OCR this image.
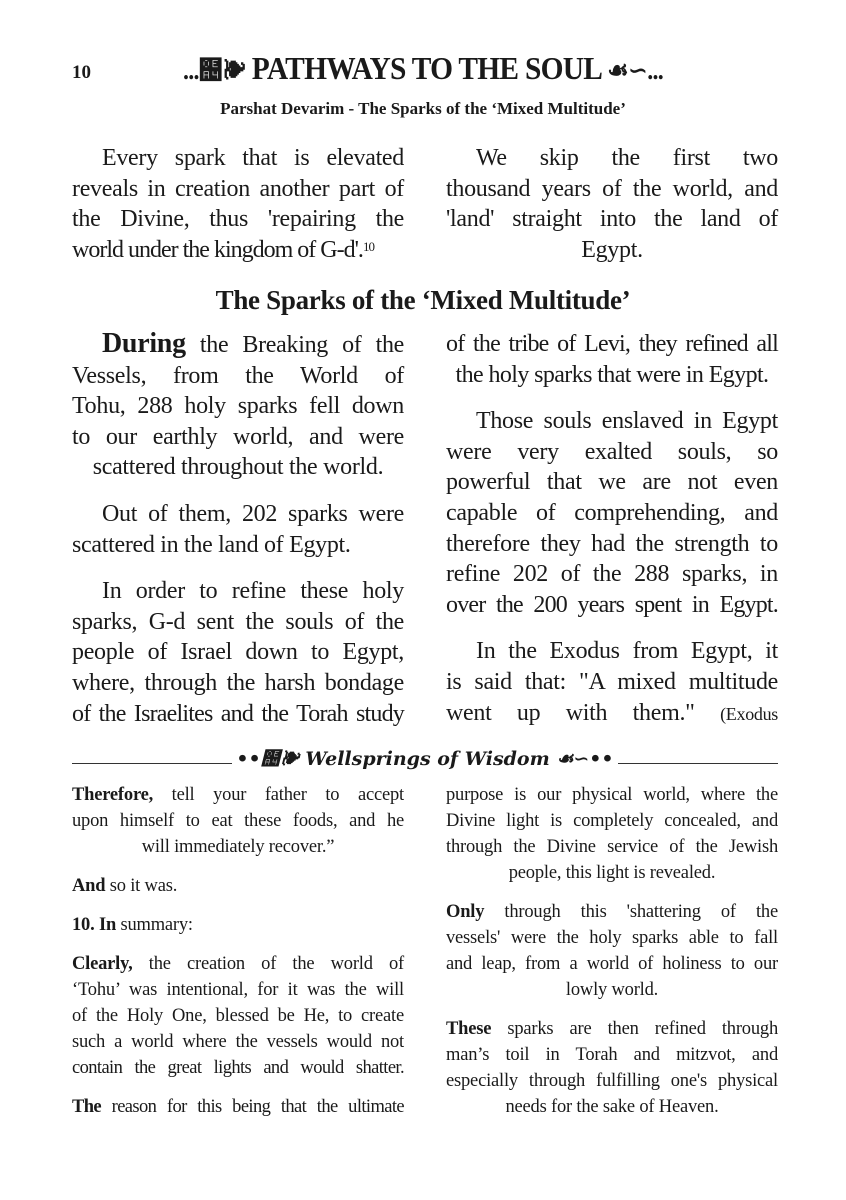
10	...຤❧ PATHWAYS TO THE SOUL ☙∽...
Parshat Devarim - The Sparks of the ‘Mixed Multitude’
Every spark that is elevated
reveals in creation another part of
the Divine, thus 'repairing the
world under the kingdom of G-d'.$^{10}$
We skip the first two
thousand years of the world, and
'land' straight into the land of
Egypt.
The Sparks of the ‘Mixed Multitude’
During the Breaking of the
Vessels, from the World of
Tohu, 288 holy sparks fell down
to our earthly world, and were
scattered throughout the world.
Out of them, 202 sparks were
scattered in the land of Egypt.
In order to refine these holy
sparks, G-d sent the souls of the
people of Israel down to Egypt,
where, through the harsh bondage
of the Israelites and the Torah study
of the tribe of Levi, they refined all
the holy sparks that were in Egypt.
Those souls enslaved in Egypt
were very exalted souls, so
powerful that we are not even
capable of comprehending, and
therefore they had the strength to
refine 202 of the 288 sparks, in
over the 200 years spent in Egypt.
In the Exodus from Egypt, it
is said that: "A mixed multitude
went up with them." (Exodus
••຤❧ Wellsprings of Wisdom ☙∽••
Therefore, tell your father to accept
upon himself to eat these foods, and he
will immediately recover.”
And so it was.
10. In summary:
Clearly, the creation of the world of
‘Tohu’ was intentional, for it was the will
of the Holy One, blessed be He, to create
such a world where the vessels would not
contain the great lights and would shatter.
The reason for this being that the ultimate
purpose is our physical world, where the
Divine light is completely concealed, and
through the Divine service of the Jewish
people, this light is revealed.
Only through this 'shattering of the
vessels' were the holy sparks able to fall
and leap, from a world of holiness to our
lowly world.
These sparks are then refined through
man’s toil in Torah and mitzvot, and
especially through fulfilling one's physical
needs for the sake of Heaven.
